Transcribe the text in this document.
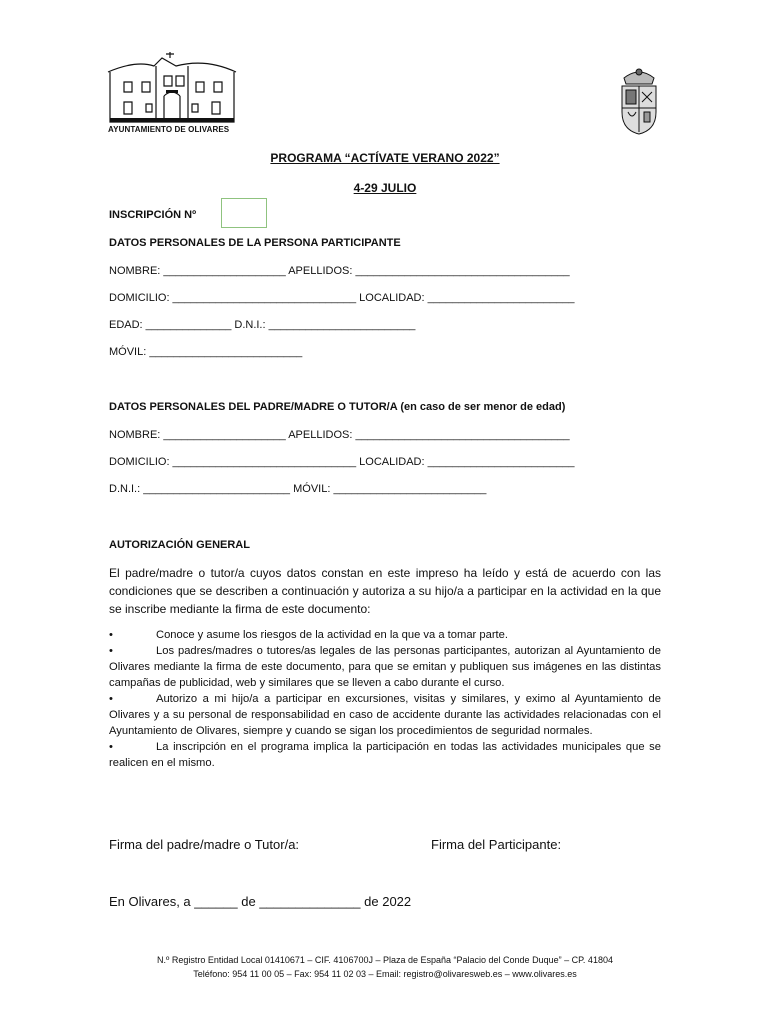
AYUNTAMIENTO DE OLIVARES
PROGRAMA “ACTÍVATE VERANO 2022”
4-29 JULIO
INSCRIPCIÓN Nº
DATOS PERSONALES DE LA PERSONA PARTICIPANTE
NOMBRE: ____________________ APELLIDOS: ___________________________________
DOMICILIO: ______________________________ LOCALIDAD: ________________________
EDAD: ______________ D.N.I.: ________________________
MÓVIL: _________________________
DATOS PERSONALES DEL PADRE/MADRE O TUTOR/A (en caso de ser menor de edad)
NOMBRE: ____________________ APELLIDOS: ___________________________________
DOMICILIO: ______________________________ LOCALIDAD: ________________________
D.N.I.: ________________________ MÓVIL: _________________________
AUTORIZACIÓN GENERAL
El padre/madre o tutor/a cuyos datos constan en este impreso ha leído y está de acuerdo con las condiciones que se describen a continuación y autoriza a su hijo/a a participar en la actividad en la que se inscribe mediante la firma de este documento:

•	Conoce y asume los riesgos de la actividad en la que va a tomar parte.

•	Los padres/madres o tutores/as legales de las personas participantes, autorizan al Ayuntamiento de Olivares mediante la firma de este documento, para que se emitan y publiquen sus imágenes en las distintas campañas de publicidad, web y similares que se lleven a cabo durante el curso.

•	Autorizo a mi hijo/a a participar en excursiones, visitas y similares, y eximo al Ayuntamiento de Olivares y a su personal de responsabilidad en caso de accidente durante las actividades relacionadas con el Ayuntamiento de Olivares, siempre y cuando se sigan los procedimientos de seguridad normales.

•	La inscripción en el programa implica la participación en todas las actividades municipales que se realicen en el mismo.

Firma del padre/madre o Tutor/a:	Firma del Participante:
En Olivares, a ______ de ______________ de 2022
N.º Registro Entidad Local 01410671 – CIF. 4106700J – Plaza de España “Palacio del Conde Duque” – CP. 41804
Teléfono: 954 11 00 05 – Fax: 954 11 02 03 – Email: registro@olivaresweb.es – www.olivares.es
